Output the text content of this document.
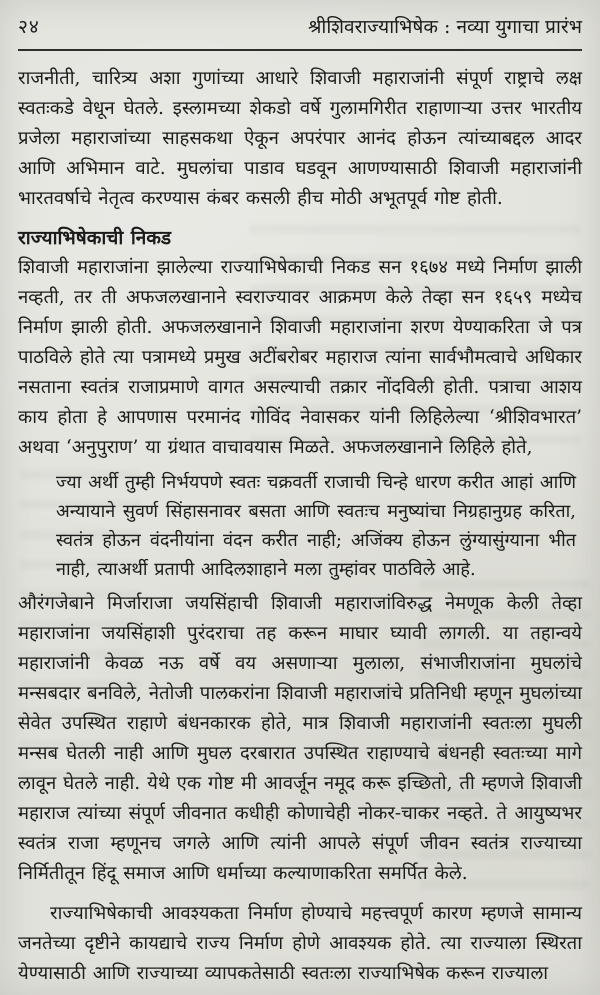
२४	श्रीशिवराज्याभिषेक : नव्या युगाचा प्रारंभ

राजनीती, चारित्र्य अशा गुणांच्या आधारे शिवाजी महाराजांनी संपूर्ण राष्ट्राचे लक्ष स्वतःकडे वेधून घेतले. इस्लामच्या शेकडो वर्षे गुलामगिरीत राहाणाऱ्या उत्तर भारतीय प्रजेला महाराजांच्या साहसकथा ऐकून अपरंपार आनंद होऊन त्यांच्याबद्दल आदर आणि अभिमान वाटे. मुघलांचा पाडाव घडवून आणण्यासाठी शिवाजी महाराजांनी भारतवर्षाचे नेतृत्व करण्यास कंबर कसली हीच मोठी अभूतपूर्व गोष्ट होती.

राज्याभिषेकाची निकड

शिवाजी महाराजांना झालेल्या राज्याभिषेकाची निकड सन १६७४ मध्ये निर्माण झाली नव्हती, तर ती अफजलखानाने स्वराज्यावर आक्रमण केले तेव्हा सन १६५९ मध्येच निर्माण झाली होती. अफजलखानाने शिवाजी महाराजांना शरण येण्याकरिता जे पत्र पाठविले होते त्या पत्रामध्ये प्रमुख अटींबरोबर महाराज त्यांना सार्वभौमत्वाचे अधिकार नसताना स्वतंत्र राजाप्रमाणे वागत असल्याची तक्रार नोंदविली होती. पत्राचा आशय काय होता हे आपणास परमानंद गोविंद नेवासकर यांनी लिहिलेल्या ‘श्रीशिवभारत’ अथवा ‘अनुपुराण’ या ग्रंथात वाचावयास मिळते. अफजलखानाने लिहिले होते,

ज्या अर्थी तुम्ही निर्भयपणे स्वतः चक्रवर्ती राजाची चिन्हे धारण करीत आहां आणि अन्यायाने सुवर्ण सिंहासनावर बसता आणि स्वतःच मनुष्यांचा निग्रहानुग्रह करिता, स्वतंत्र होऊन वंदनीयांना वंदन करीत नाही; अजिंक्य होऊन लुंग्यासुंग्याना भीत नाही, त्याअर्थी प्रतापी आदिलशाहाने मला तुम्हांवर पाठविले आहे.

औरंगजेबाने मिर्जाराजा जयसिंहाची शिवाजी महाराजांविरुद्ध नेमणूक केली तेव्हा महाराजांना जयसिंहाशी पुरंदराचा तह करून माघार घ्यावी लागली. या तहान्वये महाराजांनी केवळ नऊ वर्षे वय असणाऱ्या मुलाला, संभाजीराजांना मुघलांचे मन्सबदार बनविले, नेतोजी पालकरांना शिवाजी महाराजांचे प्रतिनिधी म्हणून मुघलांच्या सेवेत उपस्थित राहाणे बंधनकारक होते, मात्र शिवाजी महाराजांनी स्वतःला मुघली मन्सब घेतली नाही आणि मुघल दरबारात उपस्थित राहाण्याचे बंधनही स्वतःच्या मागे लावून घेतले नाही. येथे एक गोष्ट मी आवर्जून नमूद करू इच्छितो, ती म्हणजे शिवाजी महाराज त्यांच्या संपूर्ण जीवनात कधीही कोणाचेही नोकर-चाकर नव्हते. ते आयुष्यभर स्वतंत्र राजा म्हणूनच जगले आणि त्यांनी आपले संपूर्ण जीवन स्वतंत्र राज्याच्या निर्मितीतून हिंदू समाज आणि धर्माच्या कल्याणाकरिता समर्पित केले.

राज्याभिषेकाची आवश्यकता निर्माण होण्याचे महत्त्वपूर्ण कारण म्हणजे सामान्य जनतेच्या दृष्टीने कायद्याचे राज्य निर्माण होणे आवश्यक होते. त्या राज्याला स्थिरता येण्यासाठी आणि राज्याच्या व्यापकतेसाठी स्वतःला राज्याभिषेक करून राज्याला
